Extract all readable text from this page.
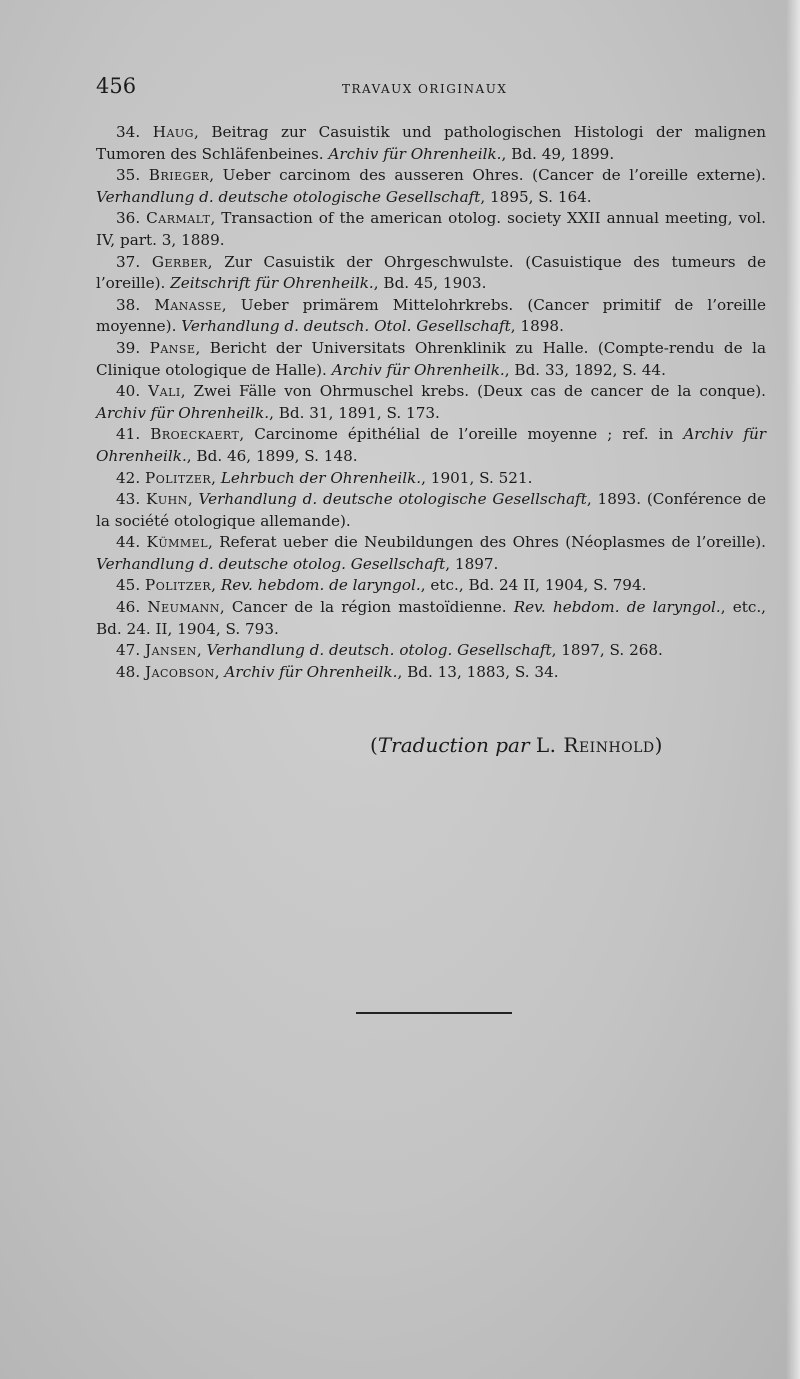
456	TRAVAUX ORIGINAUX

34. Haug, Beitrag zur Casuistik und pathologischen Histologi der malignen Tumoren des Schläfenbeines. Archiv für Ohrenheilk., Bd. 49, 1899.

35. Brieger, Ueber carcinom des ausseren Ohres. (Cancer de l’oreille externe). Verhandlung d. deutsche otologische Gesellschaft, 1895, S. 164.

36. Carmalt, Transaction of the american otolog. society XXII annual meeting, vol. IV, part. 3, 1889.

37. Gerber, Zur Casuistik der Ohrgeschwulste. (Casuistique des tumeurs de l’oreille). Zeitschrift für Ohrenheilk., Bd. 45, 1903.

38. Manasse, Ueber primärem Mittelohrkrebs. (Cancer primitif de l’oreille moyenne). Verhandlung d. deutsch. Otol. Gesellschaft, 1898.

39. Panse, Bericht der Universitats Ohrenklinik zu Halle. (Compte-rendu de la Clinique otologique de Halle). Archiv für Ohrenheilk., Bd. 33, 1892, S. 44.

40. Vali, Zwei Fälle von Ohrmuschel krebs. (Deux cas de cancer de la conque). Archiv für Ohrenheilk., Bd. 31, 1891, S. 173.

41. Broeckaert, Carcinome épithélial de l’oreille moyenne ; ref. in Archiv für Ohrenheilk., Bd. 46, 1899, S. 148.

42. Politzer, Lehrbuch der Ohrenheilk., 1901, S. 521.

43. Kuhn, Verhandlung d. deutsche otologische Gesellschaft, 1893. (Conférence de la société otologique allemande).

44. Kümmel, Referat ueber die Neubildungen des Ohres (Néoplasmes de l’oreille). Verhandlung d. deutsche otolog. Gesellschaft, 1897.

45. Politzer, Rev. hebdom. de laryngol., etc., Bd. 24 II, 1904, S. 794.

46. Neumann, Cancer de la région mastoïdienne. Rev. hebdom. de laryngol., etc., Bd. 24. II, 1904, S. 793.

47. Jansen, Verhandlung d. deutsch. otolog. Gesellschaft, 1897, S. 268.

48. Jacobson, Archiv für Ohrenheilk., Bd. 13, 1883, S. 34.

(Traduction par L. Reinhold)
